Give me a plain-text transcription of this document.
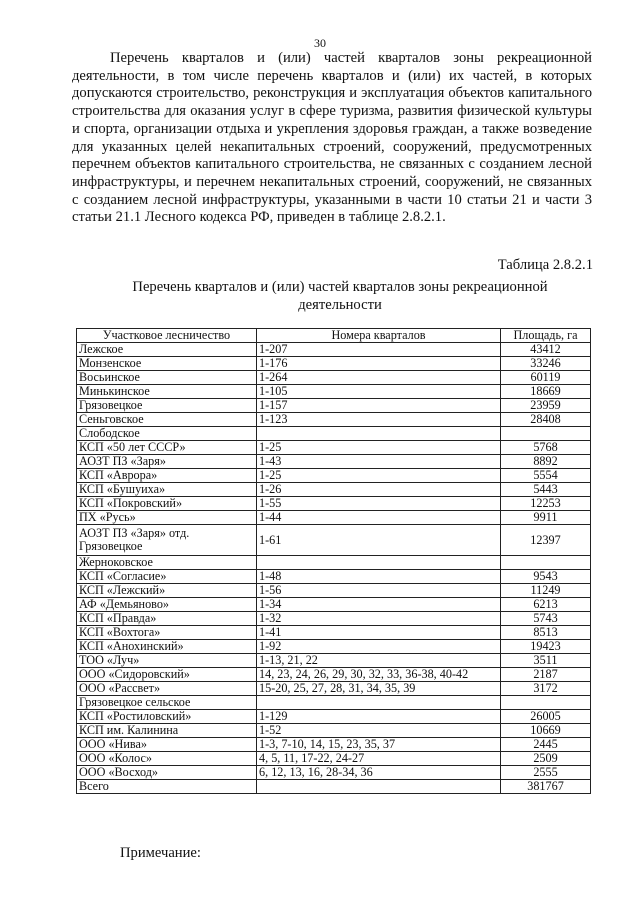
30

Перечень кварталов и (или) частей кварталов зоны рекреационной деятельности, в том числе перечень кварталов и (или) их частей, в которых допускаются строительство, реконструкция и эксплуатация объектов капитального строительства для оказания услуг в сфере туризма, развития физической культуры и спорта, организации отдыха и укрепления здоровья граждан, а также возведение для указанных целей некапитальных строений, сооружений, предусмотренных перечнем объектов капитального строительства, не связанных с созданием лесной инфраструктуры, и перечнем некапитальных строений, сооружений, не связанных с созданием лесной инфраструктуры, указанными в части 10 статьи 21 и части 3 статьи 21.1 Лесного кодекса РФ, приведен в таблице 2.8.2.1.

Таблица 2.8.2.1

Перечень кварталов и (или) частей кварталов зоны рекреационной деятельности

Участковое лесничество	Номера кварталов	Площадь, га
Лежское	1-207	43412
Монзенское	1-176	33246
Восьинское	1-264	60119
Минькинское	1-105	18669
Грязовецкое	1-157	23959
Сеньговское	1-123	28408
Слободское		
КСП «50 лет СССР»	1-25	5768
АОЗТ ПЗ «Заря»	1-43	8892
КСП «Аврора»	1-25	5554
КСП «Бушуиха»	1-26	5443
КСП «Покровский»	1-55	12253
ПХ «Русь»	1-44	9911
АОЗТ ПЗ «Заря» отд. Грязовецкое	1-61	12397
Жерноковское		
КСП «Согласие»	1-48	9543
КСП «Лежский»	1-56	11249
АФ «Демьяново»	1-34	6213
КСП «Правда»	1-32	5743
КСП «Вохтога»	1-41	8513
КСП «Анохинский»	1-92	19423
ТОО «Луч»	1-13, 21, 22	3511
ООО «Сидоровский»	14, 23, 24, 26, 29, 30, 32, 33, 36-38, 40-42	2187
ООО «Рассвет»	15-20, 25, 27, 28, 31, 34, 35, 39	3172
Грязовецкое сельское		
КСП «Ростиловский»	1-129	26005
КСП им. Калинина	1-52	10669
ООО «Нива»	1-3, 7-10, 14, 15, 23, 35, 37	2445
ООО «Колос»	4, 5, 11, 17-22, 24-27	2509
ООО «Восход»	6, 12, 13, 16, 28-34, 36	2555
Всего		381767
Примечание:
